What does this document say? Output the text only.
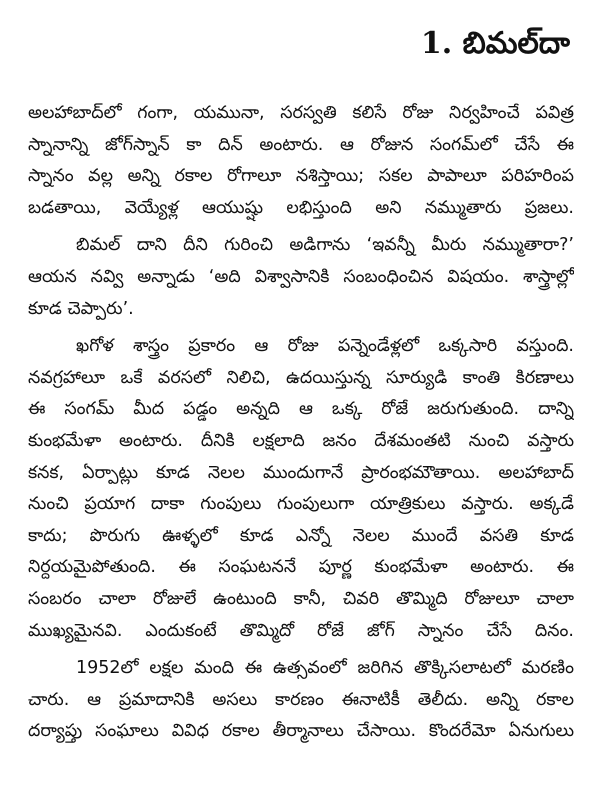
1. బిమల్‌దా
అలహాబాద్‌లో గంగా, యమునా, సరస్వతి కలిసే రోజు నిర్వహించే పవిత్ర
స్నానాన్ని జోగ్‌స్నాన్ కా దిన్ అంటారు. ఆ రోజున సంగమ్‌లో చేసే ఈ
స్నానం వల్ల అన్ని రకాల రోగాలూ నశిస్తాయి; సకల పాపాలూ పరిహరింప
బడతాయి, వెయ్యేళ్ల ఆయుష్షు లభిస్తుంది అని నమ్ముతారు ప్రజలు.
బిమల్ దాని దీని గురించి అడిగాను ‘ఇవన్నీ మీరు నమ్ముతారా?’
ఆయన నవ్వి అన్నాడు ‘అది విశ్వాసానికి సంబంధించిన విషయం. శాస్త్రాల్లో
కూడ చెప్పారు’.
ఖగోళ శాస్త్రం ప్రకారం ఆ రోజు పన్నెండేళ్లలో ఒక్కసారి వస్తుంది.
నవగ్రహాలూ ఒకే వరసలో నిలిచి, ఉదయిస్తున్న సూర్యుడి కాంతి కిరణాలు
ఈ సంగమ్ మీద పడ్డం అన్నది ఆ ఒక్క రోజే జరుగుతుంది. దాన్ని
కుంభమేళా అంటారు. దీనికి లక్షలాది జనం దేశమంతటి నుంచి వస్తారు
కనక, ఏర్పాట్లు కూడ నెలల ముందుగానే ప్రారంభమౌతాయి. అలహాబాద్
నుంచి ప్రయాగ దాకా గుంపులు గుంపులుగా యాత్రికులు వస్తారు. అక్కడే
కాదు; పొరుగు ఊళ్ళలో కూడ ఎన్నో నెలల ముందే వసతి కూడ
నిర్దయమైపోతుంది. ఈ సంఘటననే పూర్ణ కుంభమేళా అంటారు. ఈ
సంబరం చాలా రోజులే ఉంటుంది కానీ, చివరి తొమ్మిది రోజులూ చాలా
ముఖ్యమైనవి. ఎందుకంటే తొమ్మిదో రోజే జోగ్ స్నానం చేసే దినం.
1952లో లక్షల మంది ఈ ఉత్సవంలో జరిగిన తొక్కిసలాటలో మరణిం
చారు. ఆ ప్రమాదానికి అసలు కారణం ఈనాటికీ తెలీదు. అన్ని రకాల
దర్యాప్తు సంఘాలు వివిధ రకాల తీర్మానాలు చేసాయి. కొందరేమో ఏనుగులు
